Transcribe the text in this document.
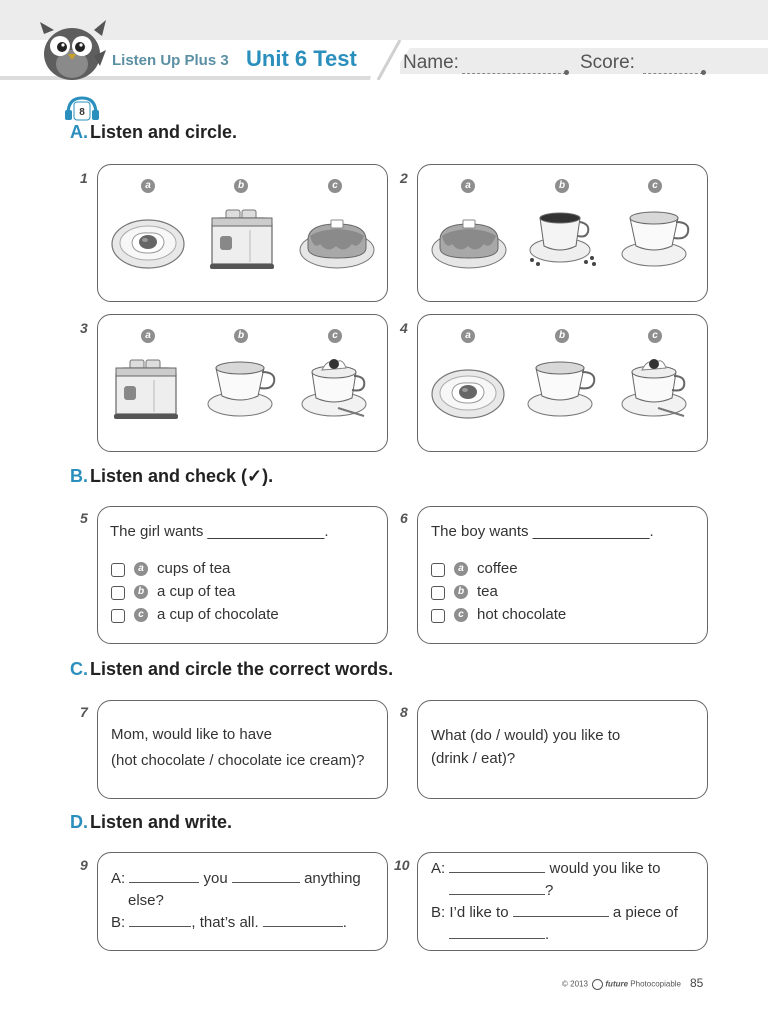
Listen Up Plus 3 Unit 6 Test Name:	Score:
8
A. Listen and circle.
1	2
3	4
a	b	c	a	b	c
a	b	c	a	b	c
B. Listen and check (✓).
5
The girl wants ______________.
a cups of tea
b a cup of tea
c a cup of chocolate
6
The boy wants ______________.
a coffee
b tea
c hot chocolate
C. Listen and circle the correct words.
7
Mom, would like to have
(hot chocolate / chocolate ice cream)?
8
What (do / would) you like to
(drink / eat)?
D. Listen and write.
9
A:	you	anything
else?
B:	, that’s all.	.
10 A:	would you like to
?
B: I’d like to	a piece of
.
© 2013 future Photocopiable 85
